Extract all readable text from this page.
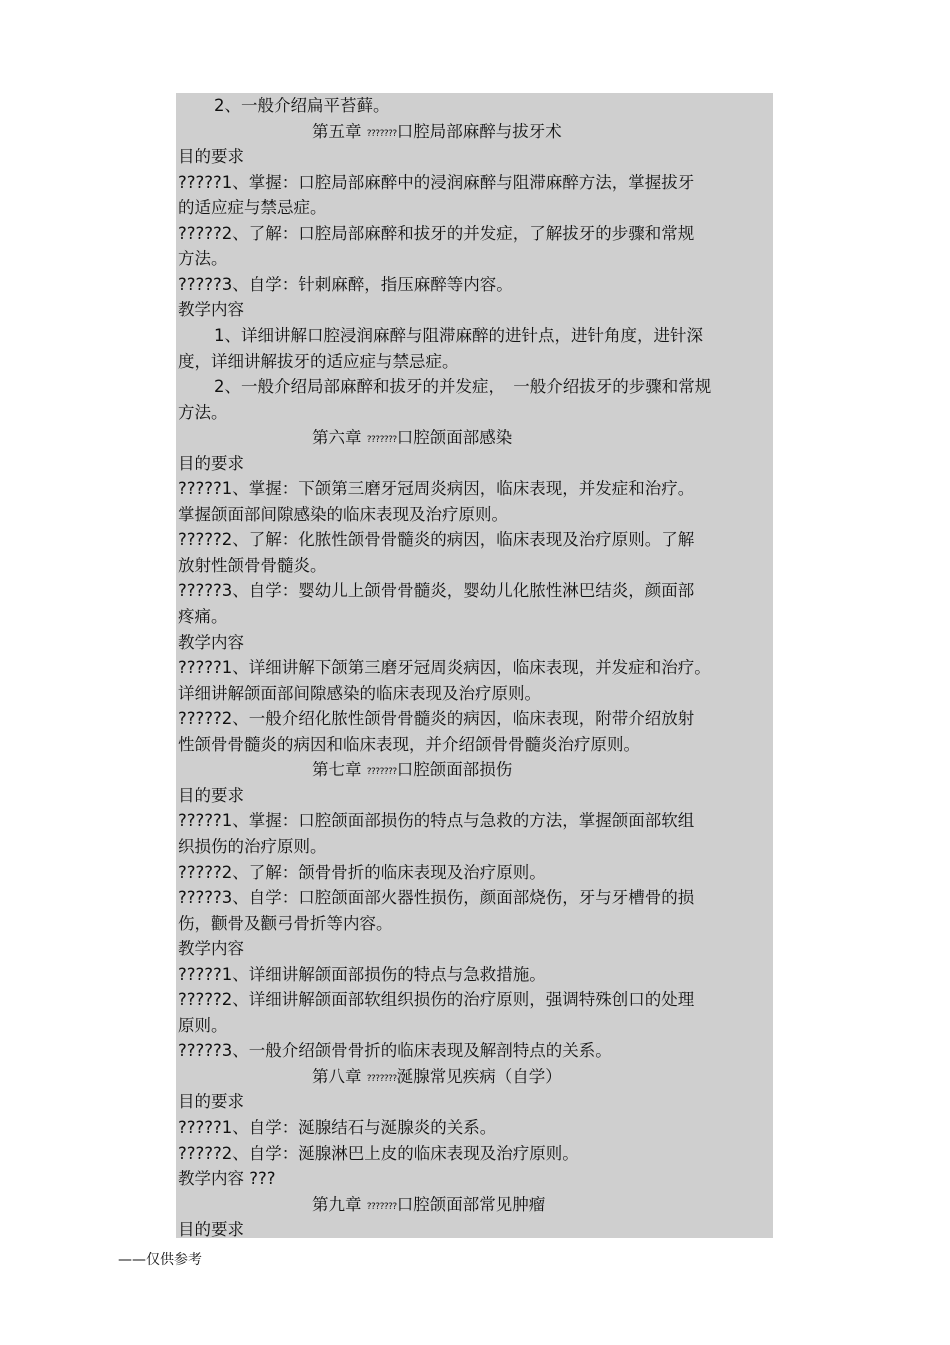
2、一般介绍扁平苔藓。
第五章 ???????口腔局部麻醉与拔牙术
目的要求
?????1、掌握：口腔局部麻醉中的浸润麻醉与阻滞麻醉方法，掌握拔牙
的适应症与禁忌症。
?????2、了解：口腔局部麻醉和拔牙的并发症，了解拔牙的步骤和常规
方法。
?????3、自学：针刺麻醉，指压麻醉等内容。
教学内容
1、详细讲解口腔浸润麻醉与阻滞麻醉的进针点，进针角度，进针深
度，详细讲解拔牙的适应症与禁忌症。
2、一般介绍局部麻醉和拔牙的并发症，　一般介绍拔牙的步骤和常规
方法。
第六章 ???????口腔颌面部感染
目的要求
?????1、掌握：下颌第三磨牙冠周炎病因，临床表现，并发症和治疗。
掌握颌面部间隙感染的临床表现及治疗原则。
?????2、了解：化脓性颌骨骨髓炎的病因，临床表现及治疗原则。了解
放射性颌骨骨髓炎。
?????3、自学：婴幼儿上颌骨骨髓炎，婴幼儿化脓性淋巴结炎，颜面部
疼痛。
教学内容
?????1、详细讲解下颌第三磨牙冠周炎病因，临床表现，并发症和治疗。
详细讲解颌面部间隙感染的临床表现及治疗原则。
?????2、一般介绍化脓性颌骨骨髓炎的病因，临床表现，附带介绍放射
性颌骨骨髓炎的病因和临床表现，并介绍颌骨骨髓炎治疗原则。
第七章 ???????口腔颌面部损伤
目的要求
?????1、掌握：口腔颌面部损伤的特点与急救的方法，掌握颌面部软组
织损伤的治疗原则。
?????2、了解：颌骨骨折的临床表现及治疗原则。
?????3、自学：口腔颌面部火器性损伤，颜面部烧伤，牙与牙槽骨的损
伤，颧骨及颧弓骨折等内容。
教学内容
?????1、详细讲解颌面部损伤的特点与急救措施。
?????2、详细讲解颌面部软组织损伤的治疗原则，强调特殊创口的处理
原则。
?????3、一般介绍颌骨骨折的临床表现及解剖特点的关系。
第八章 ???????涎腺常见疾病（自学）
目的要求
?????1、自学：涎腺结石与涎腺炎的关系。
?????2、自学：涎腺淋巴上皮的临床表现及治疗原则。
教学内容 ???
第九章 ???????口腔颌面部常见肿瘤
目的要求
——仅供参考
